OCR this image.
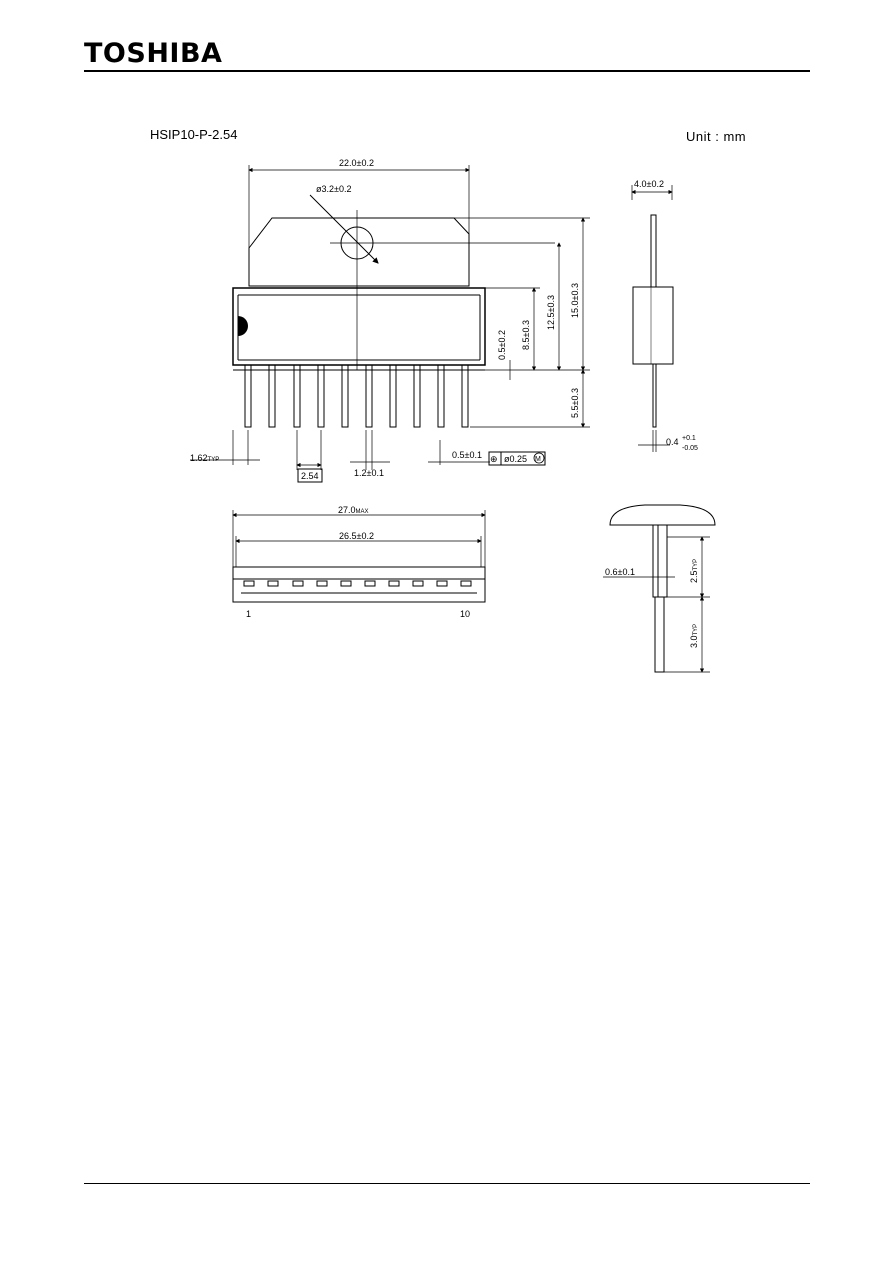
TOSHIBA
HSIP10-P-2.54	Unit : mm
22.0±0.2
ø3.2±0.2
15.0±0.3
12.5±0.3
8.5±0.3
0.5±0.2
5.5±0.3
1.62TYP
2.54	1.2±0.1
0.5±0.1 ⊕ ø0.25 M
4.0±0.2
0.4 +0.1
-0.05
27.0MAX
26.5±0.2
1	10
0.6±0.1	2.5TYP
3.0TYP
